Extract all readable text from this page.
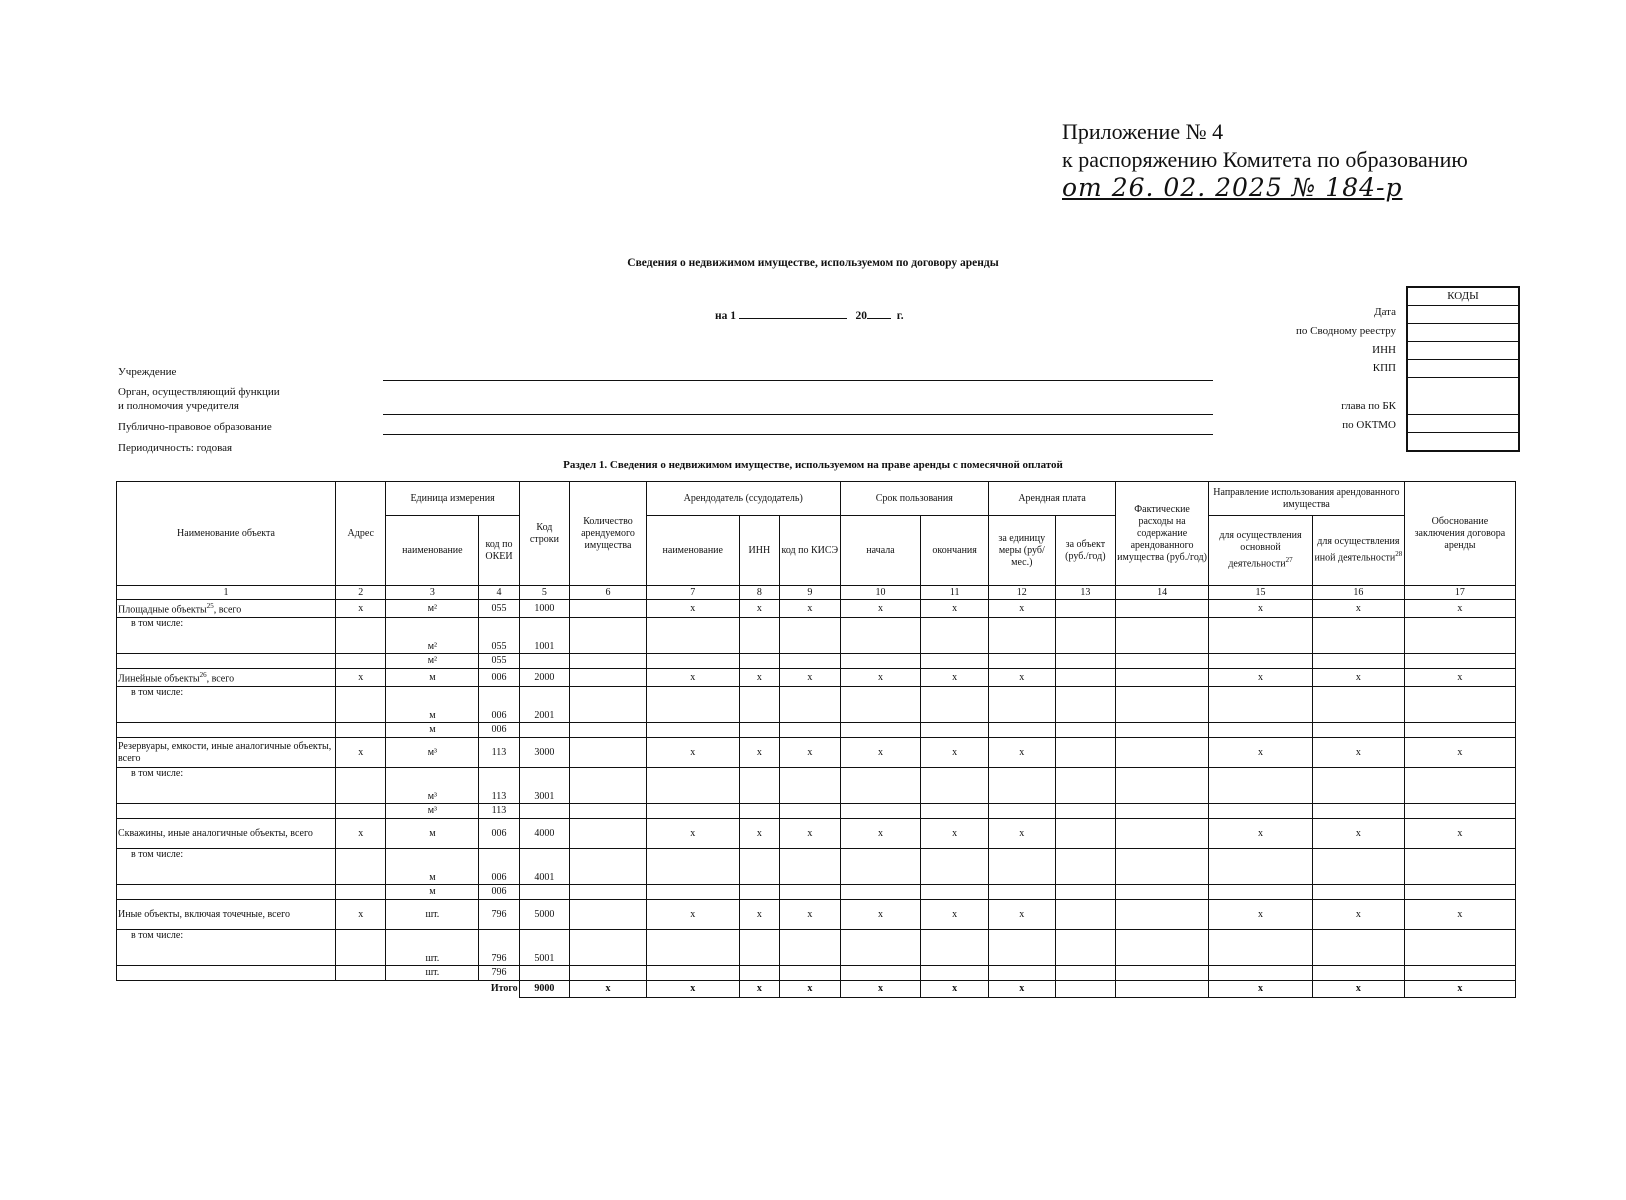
Приложение № 4
к распоряжению Комитета по образованию
от 26. 02. 2025 № 184-р
Сведения о недвижимом имуществе, используемом по договору аренды
на 1	20	г.
Учреждение
Орган, осуществляющий функции
и полномочия учредителя
Публично-правовое образование
Периодичность: годовая
Дата
по Сводному реестру
ИНН
КПП
глава по БК
по ОКТМО
КОДЫ
Раздел 1. Сведения о недвижимом имуществе, используемом на праве аренды с помесячной оплатой
Наименование объекта	Адрес	Единица измерения		Код строки	Количество арендуемого имущества	Арендодатель (ссудодатель)			Срок пользования		Арендная плата		Фактические расходы на содержание арендованного имущества (руб./год)	Направление использования арендованного имущества		Обоснование заключения договора аренды
		наименование	код по ОКЕИ			наименование	ИНН	код по КИСЭ	начала	окончания	за единицу меры (руб/мес.)	за объект (руб./год)		для осуществления основной деятельности$^{27}$	для осуществления иной деятельности$^{28}$
1	2	3	4	5	6	7	8	9	10	11	12	13	14	15	16	17
Площадные объекты$^{25}$, всего	х	м²	055	1000		х	х	х	х	х	х			х	х	х
в том числе:		м²	055	1001												
		м²	055													
Линейные объекты$^{26}$, всего	х	м	006	2000		х	х	х	х	х	х			х	х	х
в том числе:		м	006	2001												
		м	006													
Резервуары, емкости, иные аналогичные объекты, всего	х	м³	113	3000		х	х	х	х	х	х			х	х	х
в том числе:		м³	113	3001												
		м³	113													
Скважины, иные аналогичные объекты, всего	х	м	006	4000		х	х	х	х	х	х			х	х	х
в том числе:		м	006	4001												
		м	006													
Иные объекты, включая точечные, всего	х	шт.	796	5000		х	х	х	х	х	х			х	х	х
в том числе:		шт.	796	5001												
		шт.	796													
Итого				9000	х	х	х	х	х	х	х			х	х	х
